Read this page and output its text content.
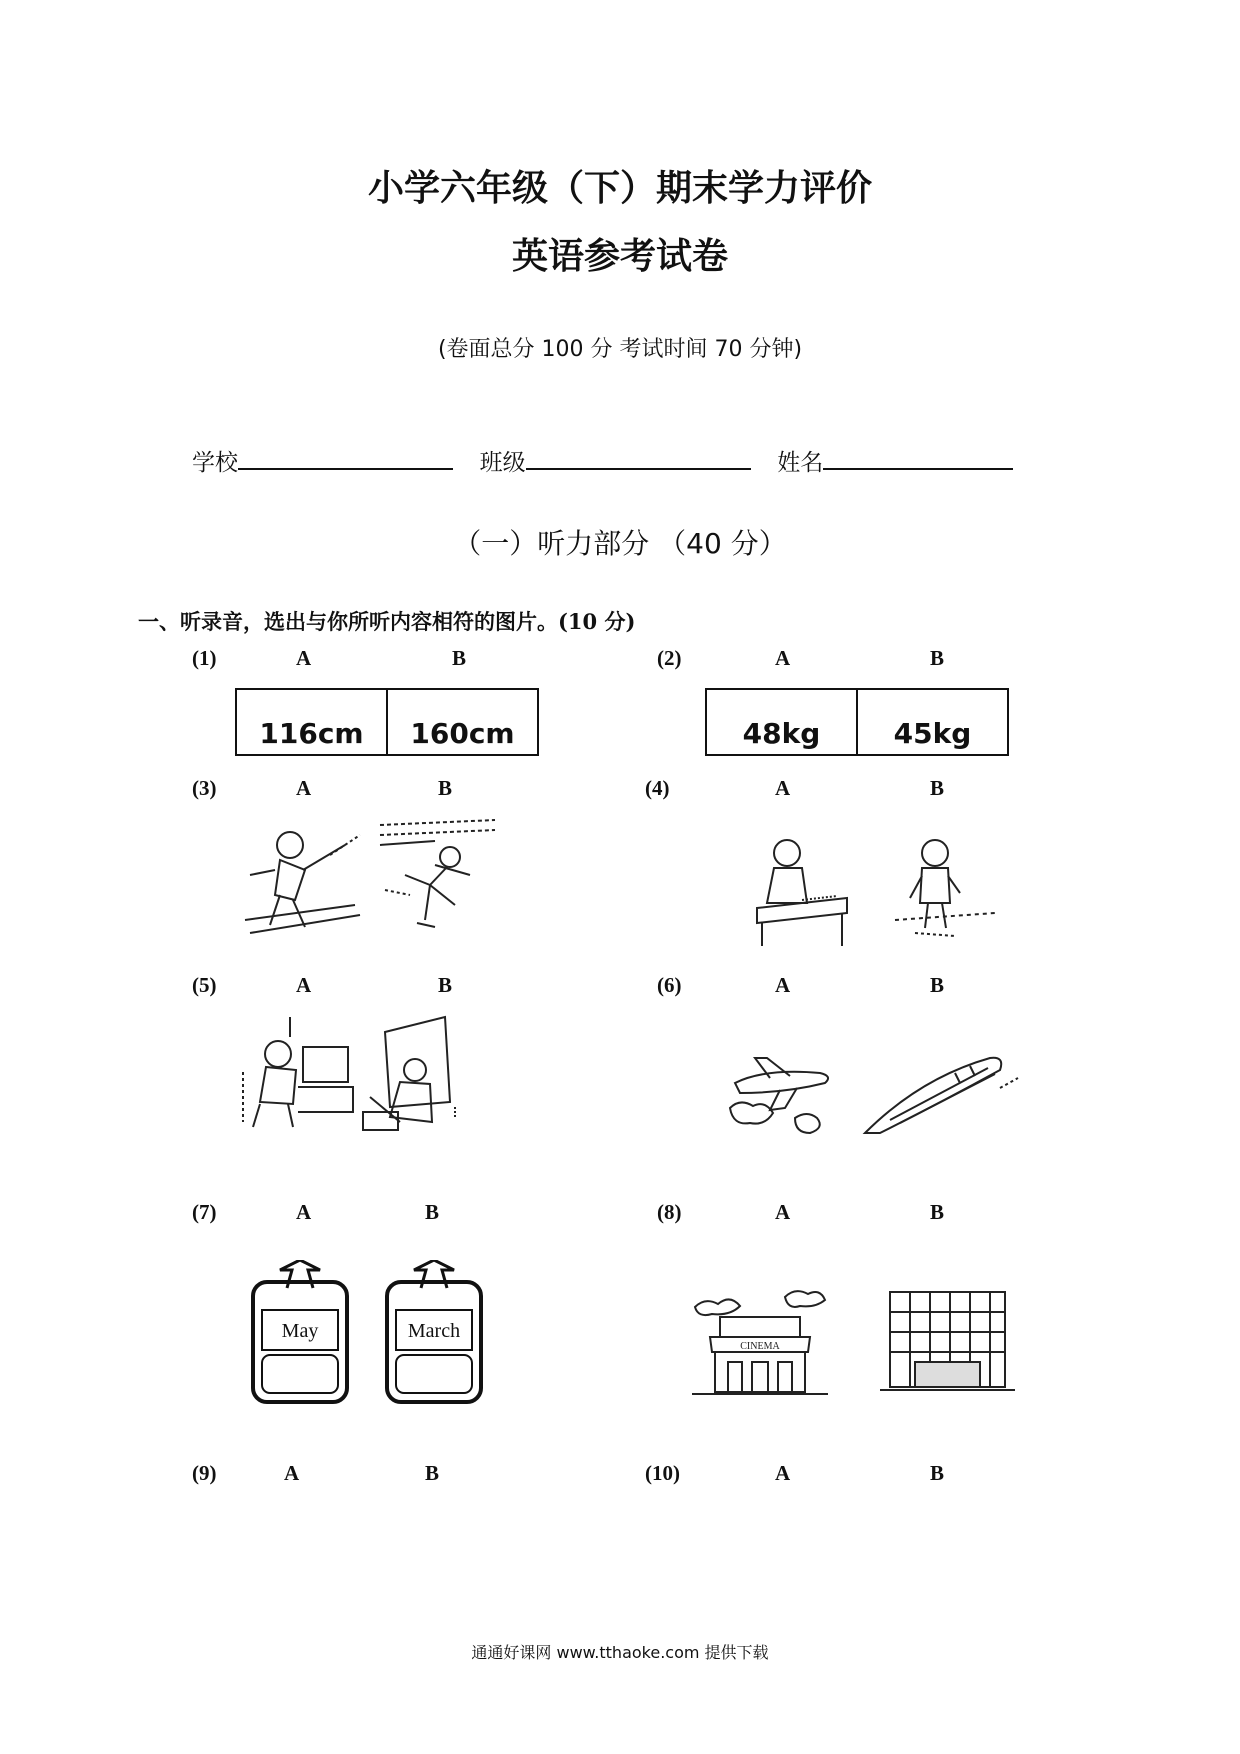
小学六年级（下）期末学力评价
英语参考试卷
(卷面总分 100 分 考试时间 70 分钟)
学校	班级	姓名
（一）听力部分 （40 分）
一、听录音，选出与你所听内容相符的图片。(10 分)
(1)	A	B
116cm	160cm
(2)	A	B
48kg	45kg
(3)	A	B	(4)	A	B
(5)	A	B	(6)	A	B
(7)	A	B
May	March
(8)	A	B
CINEMA
(9)	A	B	(10)	A	B
通通好课网 www.tthaoke.com 提供下载
